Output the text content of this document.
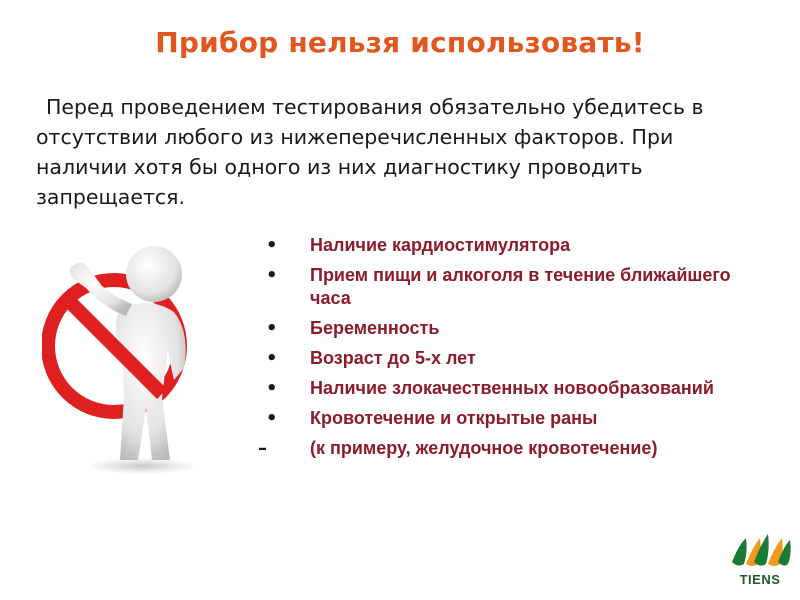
Прибор нельзя использовать!
Перед проведением тестирования обязательно убедитесь в отсутствии любого из нижеперечисленных факторов. При наличии хотя бы одного из них диагностику проводить запрещается.
• Наличие кардиостимулятора
• Прием пищи и алкоголя в течение ближайшего часа
• Беременность
• Возраст до 5-х лет
• Наличие злокачественных новообразований
• Кровотечение и открытые раны
– (к примеру, желудочное кровотечение)
TIENS
